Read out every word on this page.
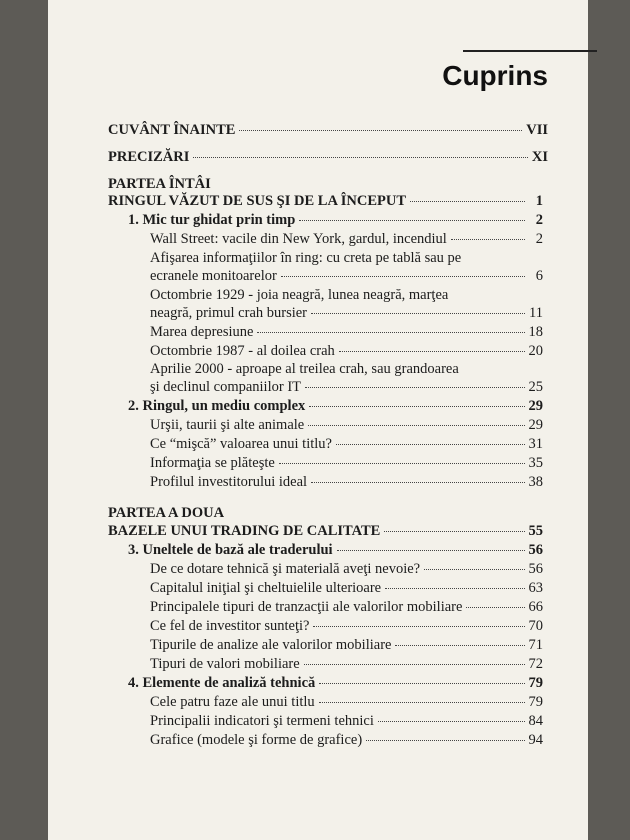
Cuprins
CUVÂNT ÎNAINTE	VII
PRECIZĂRI	XI
PARTEA ÎNTÂI
RINGUL VĂZUT DE SUS ŞI DE LA ÎNCEPUT	1
1. Mic tur ghidat prin timp	2
Wall Street: vacile din New York, gardul, incendiul	2
Afişarea informaţiilor în ring: cu creta pe tablă sau pe
ecranele monitoarelor	6
Octombrie 1929 - joia neagră, lunea neagră, marţea
neagră, primul crah bursier	11
Marea depresiune	18
Octombrie 1987 - al doilea crah	20
Aprilie 2000 - aproape al treilea crah, sau grandoarea
şi declinul companiilor IT	25
2. Ringul, un mediu complex	29
Urşii, taurii şi alte animale	29
Ce “mişcă” valoarea unui titlu?	31
Informaţia se plăteşte	35
Profilul investitorului ideal	38
PARTEA A DOUA
BAZELE UNUI TRADING DE CALITATE	55
3. Uneltele de bază ale traderului	56
De ce dotare tehnică şi materială aveţi nevoie?	56
Capitalul iniţial şi cheltuielile ulterioare	63
Principalele tipuri de tranzacţii ale valorilor mobiliare	66
Ce fel de investitor sunteţi?	70
Tipurile de analize ale valorilor mobiliare	71
Tipuri de valori mobiliare	72
4. Elemente de analiză tehnică	79
Cele patru faze ale unui titlu	79
Principalii indicatori şi termeni tehnici	84
Grafice (modele şi forme de grafice)	94
